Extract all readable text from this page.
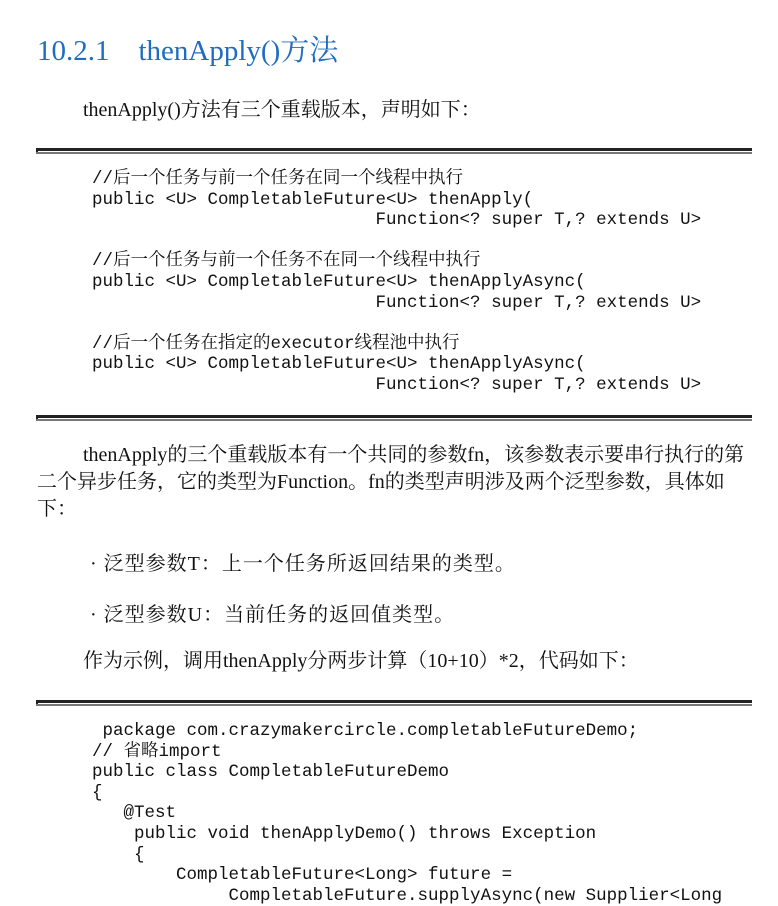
10.2.1    thenApply()方法
thenApply()方法有三个重载版本，声明如下：
//后一个任务与前一个任务在同一个线程中执行
public <U> CompletableFuture<U> thenApply(
Function<? super T,? extends U>

//后一个任务与前一个任务不在同一个线程中执行
public <U> CompletableFuture<U> thenApplyAsync(
Function<? super T,? extends U>

//后一个任务在指定的executor线程池中执行
public <U> CompletableFuture<U> thenApplyAsync(
Function<? super T,? extends U>
thenApply的三个重载版本有一个共同的参数fn，该参数表示要串行执行的第二个异步任务，它的类型为Function。fn的类型声明涉及两个泛型参数，具体如下：
· 泛型参数T：上一个任务所返回结果的类型。
· 泛型参数U：当前任务的返回值类型。
作为示例，调用thenApply分两步计算（10+10）*2，代码如下：
package com.crazymakercircle.completableFutureDemo;
// 省略import
public class CompletableFutureDemo
{
@Test
public void thenApplyDemo() throws Exception
{
CompletableFuture<Long> future =
CompletableFuture.supplyAsync(new Supplier<Long
